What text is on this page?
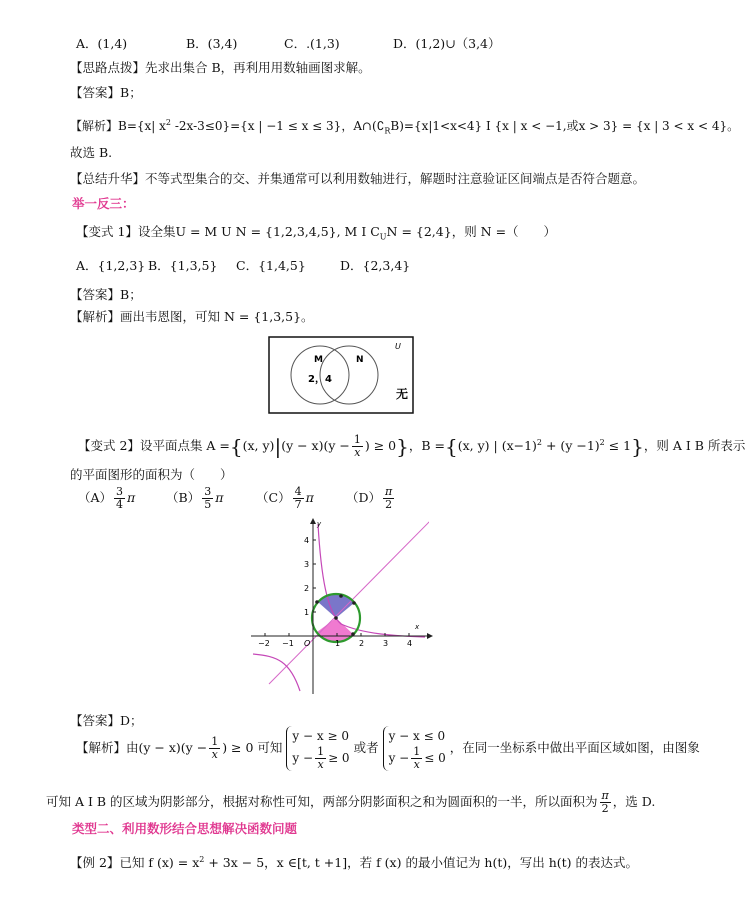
A．(1,4)	B．(3,4)	C．.(1,3)	D．(1,2)∪（3,4）
【思路点拨】先求出集合 B，再利用用数轴画图求解。
【答案】B；
【解析】B={x| $x^2$ -2x-3≤0}={x | −1 ≤ x ≤ 3}，$A\cap(∁_RB)=\{x|1<x<4\}$ I {x | x < −1,或x > 3} = {x | 3 < x < 4}。
故选 B.
【总结升华】不等式型集合的交、并集通常可以利用数轴进行，解题时注意验证区间端点是否符合题意。
举一反三：
【变式 1】设全集U = M U N = {1,2,3,4,5}, M I $C_UN = \{2,4\}$，则 N =（　　）
A．{1,2,3} B．{1,3,5} C．{1,4,5}	D．{2,3,4}
【答案】B；
【解析】画出韦恩图，可知 N = {1,3,5}。
M	N
U
2，4
无
【变式 2】设平面点集 A ={(x, $y)|(y - x)(y - \frac{1}{x}$ ) ≥ 0}，B ={(x, y) | $(x-1)^2 + (y -1)^2 \le 1$}，则 A I B 所表示
的平面图形的面积为（　　）
$(A) \frac{3}{4}$ π $(B) \frac{3}{5}$ π	$(C) \frac{4}{7}$ π	$(D) \frac{\pi}{2}$
4
3
2
1
−2 −1 O	1 2 3 4
x
y
【答案】D；
【解析】由$(y - x)(y - \frac{1}{x}$ ) ≥ 0 可知
y − x ≥ 0
$y - \frac{1}{x} \ge 0$
或者
y − x ≤ 0
$y - \frac{1}{x} \le 0$
，在同一坐标系中做出平面区域如图，由图象
可知 A I B 的区域为阴影部分，根据对称性可知，两部分阴影面积之和为圆面积的一半，所以面积为 $\frac{\pi}{2}$ ，选 D.
类型二、利用数形结合思想解决函数问题
【例 2】已知 f $(x) = x^2 + 3x - 5$，x ∈[t, t +1]，若 f (x) 的最小值记为 h(t)，写出 h(t) 的表达式。
